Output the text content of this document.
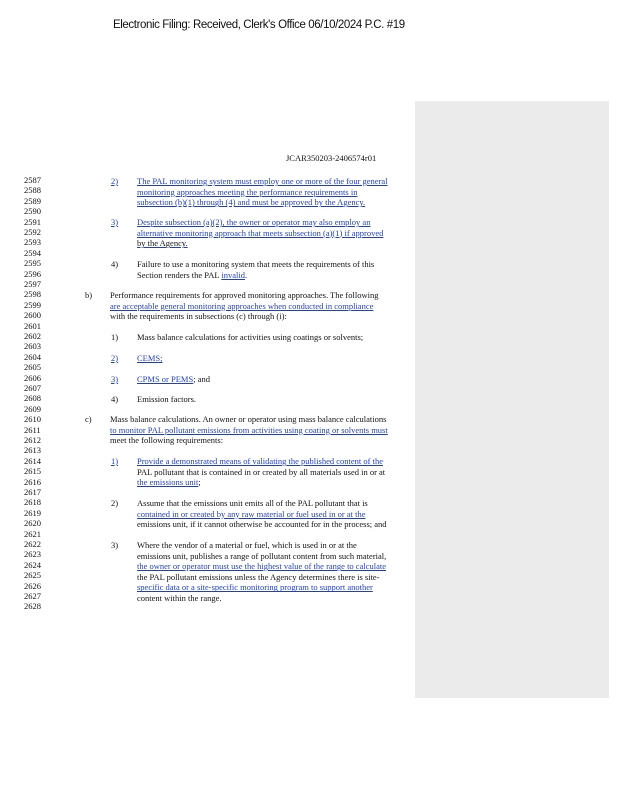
Electronic Filing: Received, Clerk's Office 06/10/2024 P.C. #19
JCAR350203-2406574r01
2587
2588
2589
2590
2591
2592
2593
2594
2595
2596
2597
2598
2599
2600
2601
2602
2603
2604
2605
2606
2607
2608
2609
2610
2611
2612
2613
2614
2615
2616
2617
2618
2619
2620
2621
2622
2623
2624
2625
2626
2627
2628
2) The PAL monitoring system must employ one or more of the four general
monitoring approaches meeting the performance requirements in
subsection (b)(1) through (4) and must be approved by the Agency.
3) Despite subsection (a)(2), the owner or operator may also employ an
alternative monitoring approach that meets subsection (a)(1) if approved
by the Agency.
4) Failure to use a monitoring system that meets the requirements of this
Section renders the PAL invalid.
b) Performance requirements for approved monitoring approaches. The following
are acceptable general monitoring approaches when conducted in compliance
with the requirements in subsections (c) through (i):
1) Mass balance calculations for activities using coatings or solvents;
2) CEMS;
3) CPMS or PEMS; and
4) Emission factors.
c) Mass balance calculations. An owner or operator using mass balance calculations
to monitor PAL pollutant emissions from activities using coating or solvents must
meet the following requirements:
1) Provide a demonstrated means of validating the published content of the
PAL pollutant that is contained in or created by all materials used in or at
the emissions unit;
2) Assume that the emissions unit emits all of the PAL pollutant that is
contained in or created by any raw material or fuel used in or at the
emissions unit, if it cannot otherwise be accounted for in the process; and
3) Where the vendor of a material or fuel, which is used in or at the
emissions unit, publishes a range of pollutant content from such material,
the owner or operator must use the highest value of the range to calculate
the PAL pollutant emissions unless the Agency determines there is site-
specific data or a site-specific monitoring program to support another
content within the range.
